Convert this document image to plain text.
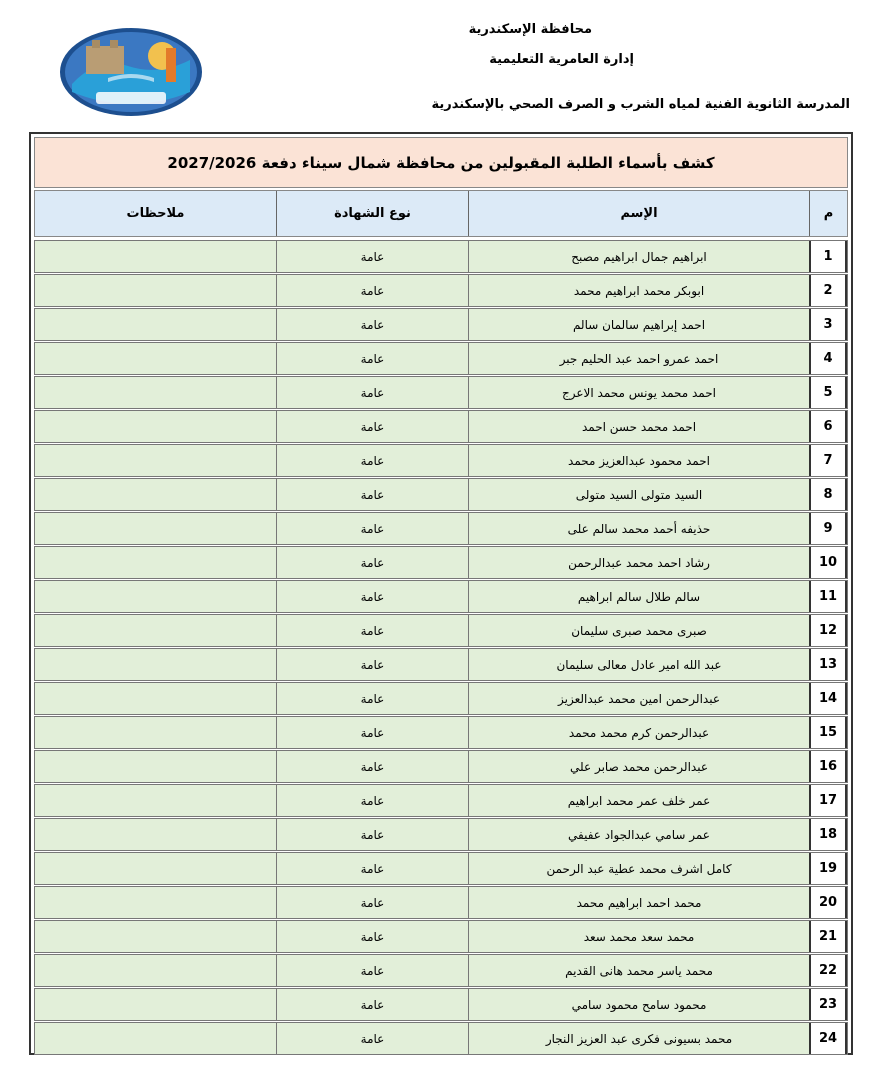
محافظة الإسكندرية
إدارة العامرية التعليمية
المدرسة الثانوية الفنية لمياه الشرب و الصرف الصحي بالإسكندرية
كشف بأسماء الطلبة المقبولين من محافظة شمال سيناء دفعة 2027/2026
م
الإسم
نوع الشهادة
ملاحظات
1
ابراهيم جمال ابراهيم مصبح
عامة
2
ابوبكر محمد ابراهيم محمد
عامة
3
احمد إبراهيم سالمان سالم
عامة
4
احمد عمرو احمد عبد الحليم جبر
عامة
5
احمد محمد يونس محمد الاعرج
عامة
6
احمد محمد حسن احمد
عامة
7
احمد محمود عبدالعزيز محمد
عامة
8
السيد متولى السيد متولى
عامة
9
حذيفه أحمد محمد سالم على
عامة
10
رشاد احمد محمد عبدالرحمن
عامة
11
سالم طلال سالم ابراهيم
عامة
12
صبرى محمد صبرى سليمان
عامة
13
عبد الله امير عادل معالى سليمان
عامة
14
عبدالرحمن امين محمد عبدالعزيز
عامة
15
عبدالرحمن كرم محمد محمد
عامة
16
عبدالرحمن محمد صابر علي
عامة
17
عمر خلف عمر محمد ابراهيم
عامة
18
عمر سامي عبدالجواد عفيفي
عامة
19
كامل اشرف محمد عطية عبد الرحمن
عامة
20
محمد احمد ابراهيم محمد
عامة
21
محمد سعد محمد سعد
عامة
22
محمد ياسر محمد هانى القديم
عامة
23
محمود سامح محمود سامي
عامة
24
محمد بسيونى فكرى عبد العزيز النجار
عامة
